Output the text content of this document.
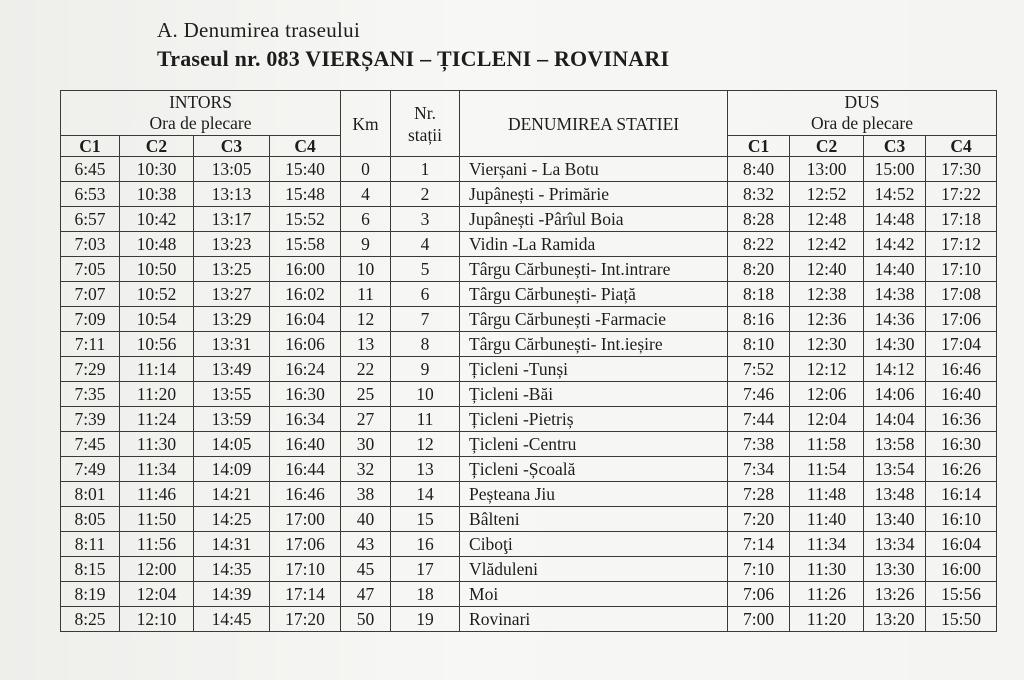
A. Denumirea traseului
Traseul nr. 083 VIERȘANI – ȚICLENI – ROVINARI
INTORS
Ora de plecare				Km	Nr.
stații	DENUMIREA STATIEI	DUS
Ora de plecare			

C1	C2	C3	C4				C1	C2	C3	C4
6:45	10:30	13:05	15:40	0	1	Vierșani - La Botu	8:40	13:00	15:00	17:30
6:53	10:38	13:13	15:48	4	2	Jupânești - Primărie	8:32	12:52	14:52	17:22
6:57	10:42	13:17	15:52	6	3	Jupânești -Pârîul Boia	8:28	12:48	14:48	17:18
7:03	10:48	13:23	15:58	9	4	Vidin -La Ramida	8:22	12:42	14:42	17:12
7:05	10:50	13:25	16:00	10	5	Târgu Cărbunești- Int.intrare	8:20	12:40	14:40	17:10
7:07	10:52	13:27	16:02	11	6	Târgu Cărbunești- Piață	8:18	12:38	14:38	17:08
7:09	10:54	13:29	16:04	12	7	Târgu Cărbunești -Farmacie	8:16	12:36	14:36	17:06
7:11	10:56	13:31	16:06	13	8	Târgu Cărbunești- Int.ieșire	8:10	12:30	14:30	17:04
7:29	11:14	13:49	16:24	22	9	Țicleni -Tunși	7:52	12:12	14:12	16:46
7:35	11:20	13:55	16:30	25	10	Țicleni -Băi	7:46	12:06	14:06	16:40
7:39	11:24	13:59	16:34	27	11	Țicleni -Pietriș	7:44	12:04	14:04	16:36
7:45	11:30	14:05	16:40	30	12	Țicleni -Centru	7:38	11:58	13:58	16:30
7:49	11:34	14:09	16:44	32	13	Țicleni -Școală	7:34	11:54	13:54	16:26
8:01	11:46	14:21	16:46	38	14	Peșteana Jiu	7:28	11:48	13:48	16:14
8:05	11:50	14:25	17:00	40	15	Bâlteni	7:20	11:40	13:40	16:10
8:11	11:56	14:31	17:06	43	16	Ciboţi	7:14	11:34	13:34	16:04
8:15	12:00	14:35	17:10	45	17	Vlăduleni	7:10	11:30	13:30	16:00
8:19	12:04	14:39	17:14	47	18	Moi	7:06	11:26	13:26	15:56
8:25	12:10	14:45	17:20	50	19	Rovinari	7:00	11:20	13:20	15:50
